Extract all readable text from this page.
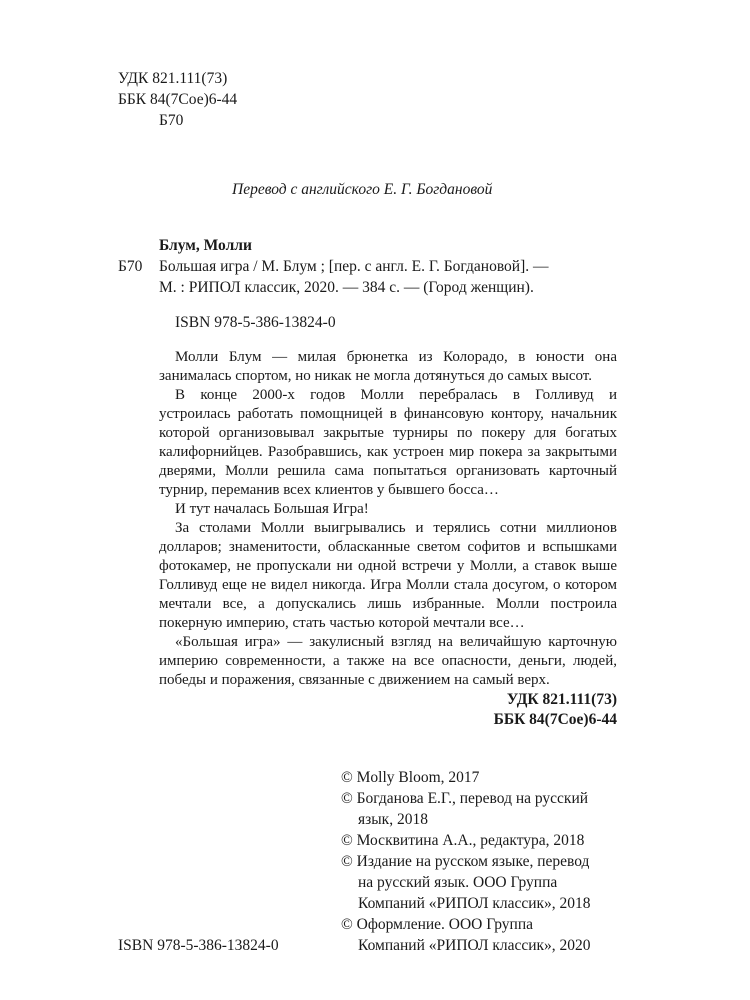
УДК 821.111(73)
ББК 84(7Сое)6-44
Б70
Перевод с английского Е. Г. Богдановой
Блум, Молли
Б70 Большая игра / М. Блум ; [пер. с англ. Е. Г. Богдановой]. —
М. : РИПОЛ классик, 2020. — 384 с. — (Город женщин).
ISBN 978-5-386-13824-0
Молли Блум — милая брюнетка из Колорадо, в юности она
занималась спортом, но никак не могла дотянуться до самых высот.
В конце 2000-х годов Молли перебралась в Голливуд и
устроилась работать помощницей в финансовую контору, начальник
которой организовывал закрытые турниры по покеру для богатых
калифорнийцев. Разобравшись, как устроен мир покера за закрытыми
дверями, Молли решила сама попытаться организовать карточный
турнир, переманив всех клиентов у бывшего босса…
И тут началась Большая Игра!
За столами Молли выигрывались и терялись сотни миллионов
долларов; знаменитости, обласканные светом софитов и вспышками
фотокамер, не пропускали ни одной встречи у Молли, а ставок выше
Голливуд еще не видел никогда. Игра Молли стала досугом, о котором
мечтали все, а допускались лишь избранные. Молли построила
покерную империю, стать частью которой мечтали все…
«Большая игра» — закулисный взгляд на величайшую карточную
империю современности, а также на все опасности, деньги, людей,
победы и поражения, связанные с движением на самый верх.
УДК 821.111(73)
ББК 84(7Сое)6-44
© Molly Bloom, 2017
© Богданова Е.Г., перевод на русский
язык, 2018
© Москвитина А.А., редактура, 2018
© Издание на русском языке, перевод
на русский язык. ООО Группа
Компаний «РИПОЛ классик», 2018
© Оформление. ООО Группа
Компаний «РИПОЛ классик», 2020
ISBN 978-5-386-13824-0
